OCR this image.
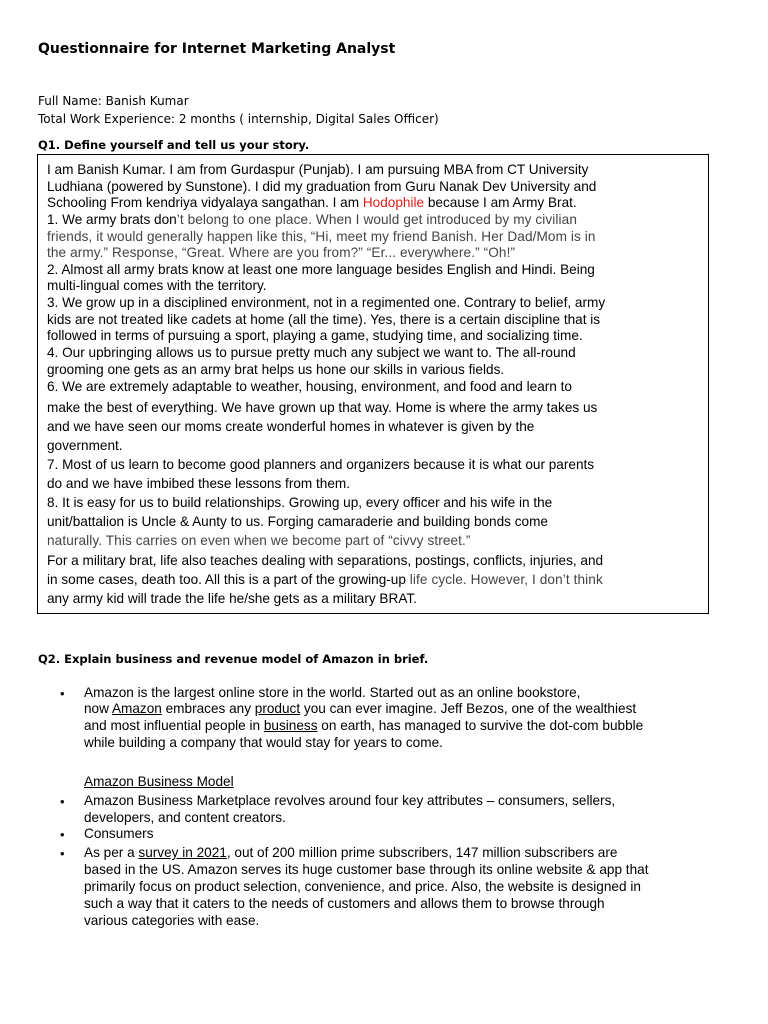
Questionnaire for Internet Marketing Analyst
Full Name: Banish Kumar
Total Work Experience: 2 months ( internship, Digital Sales Officer)
Q1. Define yourself and tell us your story.
I am Banish Kumar. I am from Gurdaspur (Punjab). I am pursuing MBA from CT University
Ludhiana (powered by Sunstone). I did my graduation from Guru Nanak Dev University and
Schooling From kendriya vidyalaya sangathan. I am Hodophile because I am Army Brat.
1. We army brats don’t belong to one place. When I would get introduced by my civilian
friends, it would generally happen like this, “Hi, meet my friend Banish. Her Dad/Mom is in
the army.” Response, “Great. Where are you from?” “Er... everywhere.” “Oh!”
2. Almost all army brats know at least one more language besides English and Hindi. Being
multi-lingual comes with the territory.
3. We grow up in a disciplined environment, not in a regimented one. Contrary to belief, army
kids are not treated like cadets at home (all the time). Yes, there is a certain discipline that is
followed in terms of pursuing a sport, playing a game, studying time, and socializing time.
4. Our upbringing allows us to pursue pretty much any subject we want to. The all-round
grooming one gets as an army brat helps us hone our skills in various fields.
6. We are extremely adaptable to weather, housing, environment, and food and learn to
make the best of everything. We have grown up that way. Home is where the army takes us
and we have seen our moms create wonderful homes in whatever is given by the
government.
7. Most of us learn to become good planners and organizers because it is what our parents
do and we have imbibed these lessons from them.
8. It is easy for us to build relationships. Growing up, every officer and his wife in the
unit/battalion is Uncle & Aunty to us. Forging camaraderie and building bonds come
naturally. This carries on even when we become part of “civvy street.”
For a military brat, life also teaches dealing with separations, postings, conflicts, injuries, and
in some cases, death too. All this is a part of the growing-up life cycle. However, I don’t think
any army kid will trade the life he/she gets as a military BRAT.
Q2. Explain business and revenue model of Amazon in brief.
• Amazon is the largest online store in the world. Started out as an online bookstore,
now Amazon embraces any product you can ever imagine. Jeff Bezos, one of the wealthiest
and most influential people in business on earth, has managed to survive the dot-com bubble
while building a company that would stay for years to come.
Amazon Business Model
• Amazon Business Marketplace revolves around four key attributes – consumers, sellers,
developers, and content creators.
• Consumers
• As per a survey in 2021, out of 200 million prime subscribers, 147 million subscribers are
based in the US. Amazon serves its huge customer base through its online website & app that
primarily focus on product selection, convenience, and price. Also, the website is designed in
such a way that it caters to the needs of customers and allows them to browse through
various categories with ease.
